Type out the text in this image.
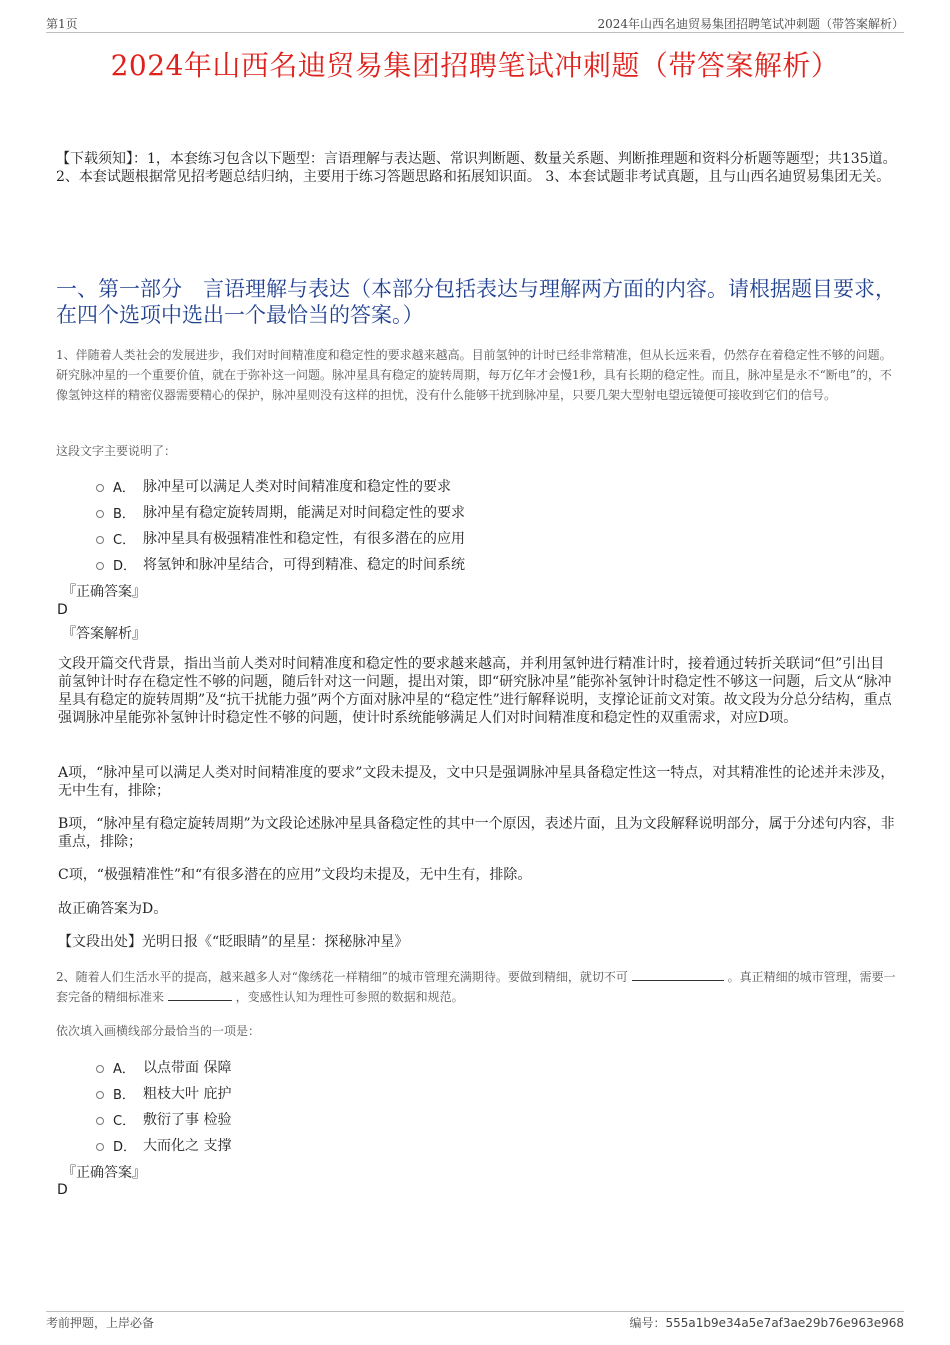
第1页	2024年山西名迪贸易集团招聘笔试冲刺题（带答案解析）
2024年山西名迪贸易集团招聘笔试冲刺题（带答案解析）
【下载须知】：1，本套练习包含以下题型：言语理解与表达题、常识判断题、数量关系题、判断推理题和资料分析题等题型；共135道。 2、本套试题根据常见招考题总结归纳，主要用于练习答题思路和拓展知识面。 3、本套试题非考试真题，且与山西名迪贸易集团无关。
一、第一部分　言语理解与表达（本部分包括表达与理解两方面的内容。请根据题目要求，在四个选项中选出一个最恰当的答案。）
1、伴随着人类社会的发展进步，我们对时间精准度和稳定性的要求越来越高。目前氢钟的计时已经非常精准，但从长远来看，仍然存在着稳定性不够的问题。研究脉冲星的一个重要价值，就在于弥补这一问题。脉冲星具有稳定的旋转周期，每万亿年才会慢1秒，具有长期的稳定性。而且，脉冲星是永不“断电”的，不像氢钟这样的精密仪器需要精心的保护，脉冲星则没有这样的担忧，没有什么能够干扰到脉冲星，只要几架大型射电望远镜便可接收到它们的信号。
这段文字主要说明了：
A． 脉冲星可以满足人类对时间精准度和稳定性的要求
B． 脉冲星有稳定旋转周期，能满足对时间稳定性的要求
C． 脉冲星具有极强精准性和稳定性，有很多潜在的应用
D． 将氢钟和脉冲星结合，可得到精准、稳定的时间系统
『正确答案』
D
『答案解析』
文段开篇交代背景，指出当前人类对时间精准度和稳定性的要求越来越高，并利用氢钟进行精准计时，接着通过转折关联词“但”引出目前氢钟计时存在稳定性不够的问题，随后针对这一问题，提出对策，即“研究脉冲星”能弥补氢钟计时稳定性不够这一问题，后文从“脉冲星具有稳定的旋转周期”及“抗干扰能力强”两个方面对脉冲星的“稳定性”进行解释说明，支撑论证前文对策。故文段为分总分结构，重点强调脉冲星能弥补氢钟计时稳定性不够的问题，使计时系统能够满足人们对时间精准度和稳定性的双重需求，对应D项。
A项，“脉冲星可以满足人类对时间精准度的要求”文段未提及，文中只是强调脉冲星具备稳定性这一特点，对其精准性的论述并未涉及，无中生有，排除；
B项，“脉冲星有稳定旋转周期”为文段论述脉冲星具备稳定性的其中一个原因，表述片面，且为文段解释说明部分，属于分述句内容，非重点，排除；
C项，“极强精准性”和“有很多潜在的应用”文段均未提及，无中生有，排除。
故正确答案为D。
【文段出处】光明日报《“眨眼睛”的星星：探秘脉冲星》
2、随着人们生活水平的提高，越来越多人对“像绣花一样精细”的城市管理充满期待。要做到精细，就切不可	。真正精细的城市管理，需要一套完备的精细标准来	，变感性认知为理性可参照的数据和规范。
依次填入画横线部分最恰当的一项是：
A． 以点带面 保障
B． 粗枝大叶 庇护
C． 敷衍了事 检验
D． 大而化之 支撑
『正确答案』
D
考前押题，上岸必备	编号：555a1b9e34a5e7af3ae29b76e963e968
